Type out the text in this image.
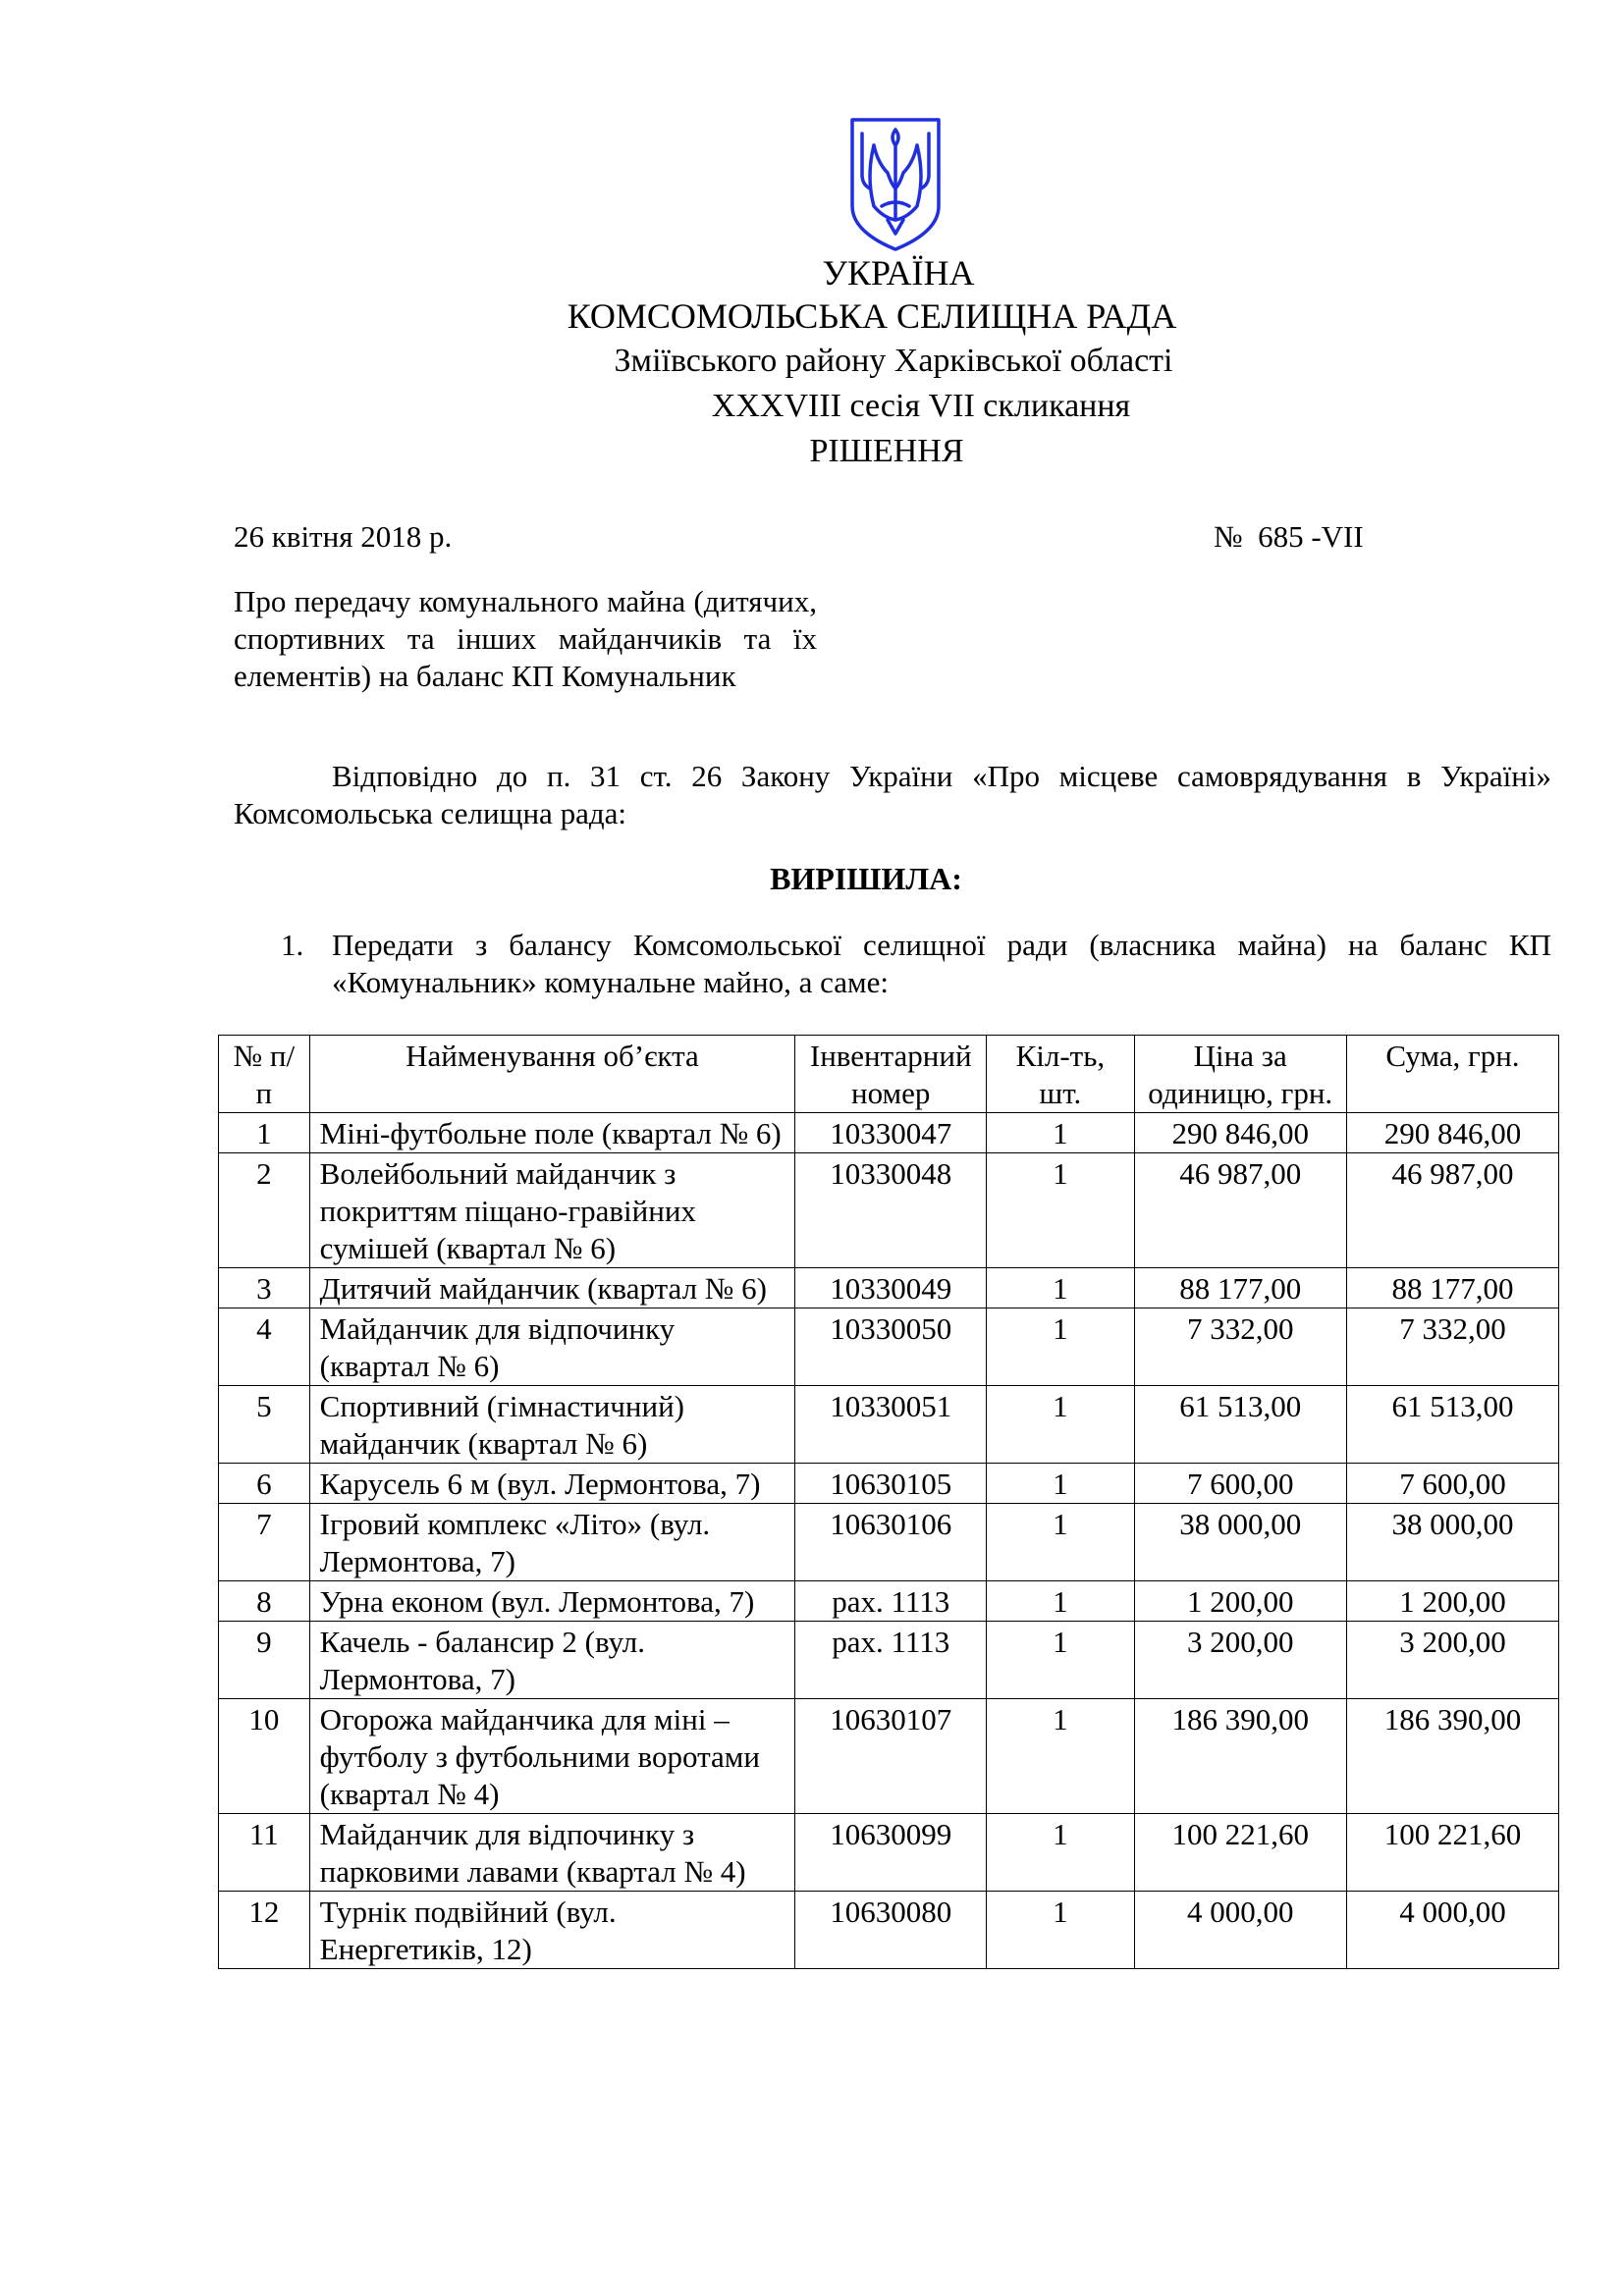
УКРАЇНА
КОМСОМОЛЬСЬКА СЕЛИЩНА РАДА
Зміївського району Харківської області
XXXVIII сесія VII скликання
РІШЕННЯ
26 квітня 2018 р.	№  685 -VII
Про передачу комунального майна (дитячих, спортивних та інших майданчиків та їх елементів) на баланс КП Комунальник
Відповідно до п. 31 ст. 26 Закону України «Про місцеве самоврядування в Україні» Комсомольська селищна рада:
ВИРІШИЛА:
1. Передати з балансу Комсомольської селищної ради (власника майна) на баланс КП «Комунальник» комунальне майно, а саме:
№ п/п	Найменування об’єкта	Інвентарний номер	Кіл-ть, шт.	Ціна за одиницю, грн.	Сума, грн.
1	Міні-футбольне поле (квартал № 6)	10330047	1	290 846,00	290 846,00
2	Волейбольний майданчик з покриттям піщано-гравійних сумішей (квартал № 6)	10330048	1	46 987,00	46 987,00
3	Дитячий майданчик (квартал № 6)	10330049	1	88 177,00	88 177,00
4	Майданчик для відпочинку (квартал № 6)	10330050	1	7 332,00	7 332,00
5	Спортивний (гімнастичний) майданчик (квартал № 6)	10330051	1	61 513,00	61 513,00
6	Карусель 6 м (вул. Лермонтова, 7)	10630105	1	7 600,00	7 600,00
7	Ігровий комплекс «Літо» (вул. Лермонтова, 7)	10630106	1	38 000,00	38 000,00
8	Урна економ (вул. Лермонтова, 7)	рах. 1113	1	1 200,00	1 200,00
9	Качель - балансир 2 (вул. Лермонтова, 7)	рах. 1113	1	3 200,00	3 200,00
10	Огорожа майданчика для міні – футболу з футбольними воротами (квартал № 4)	10630107	1	186 390,00	186 390,00
11	Майданчик для відпочинку з парковими лавами (квартал № 4)	10630099	1	100 221,60	100 221,60
12	Турнік подвійний (вул. Енергетиків, 12)	10630080	1	4 000,00	4 000,00
